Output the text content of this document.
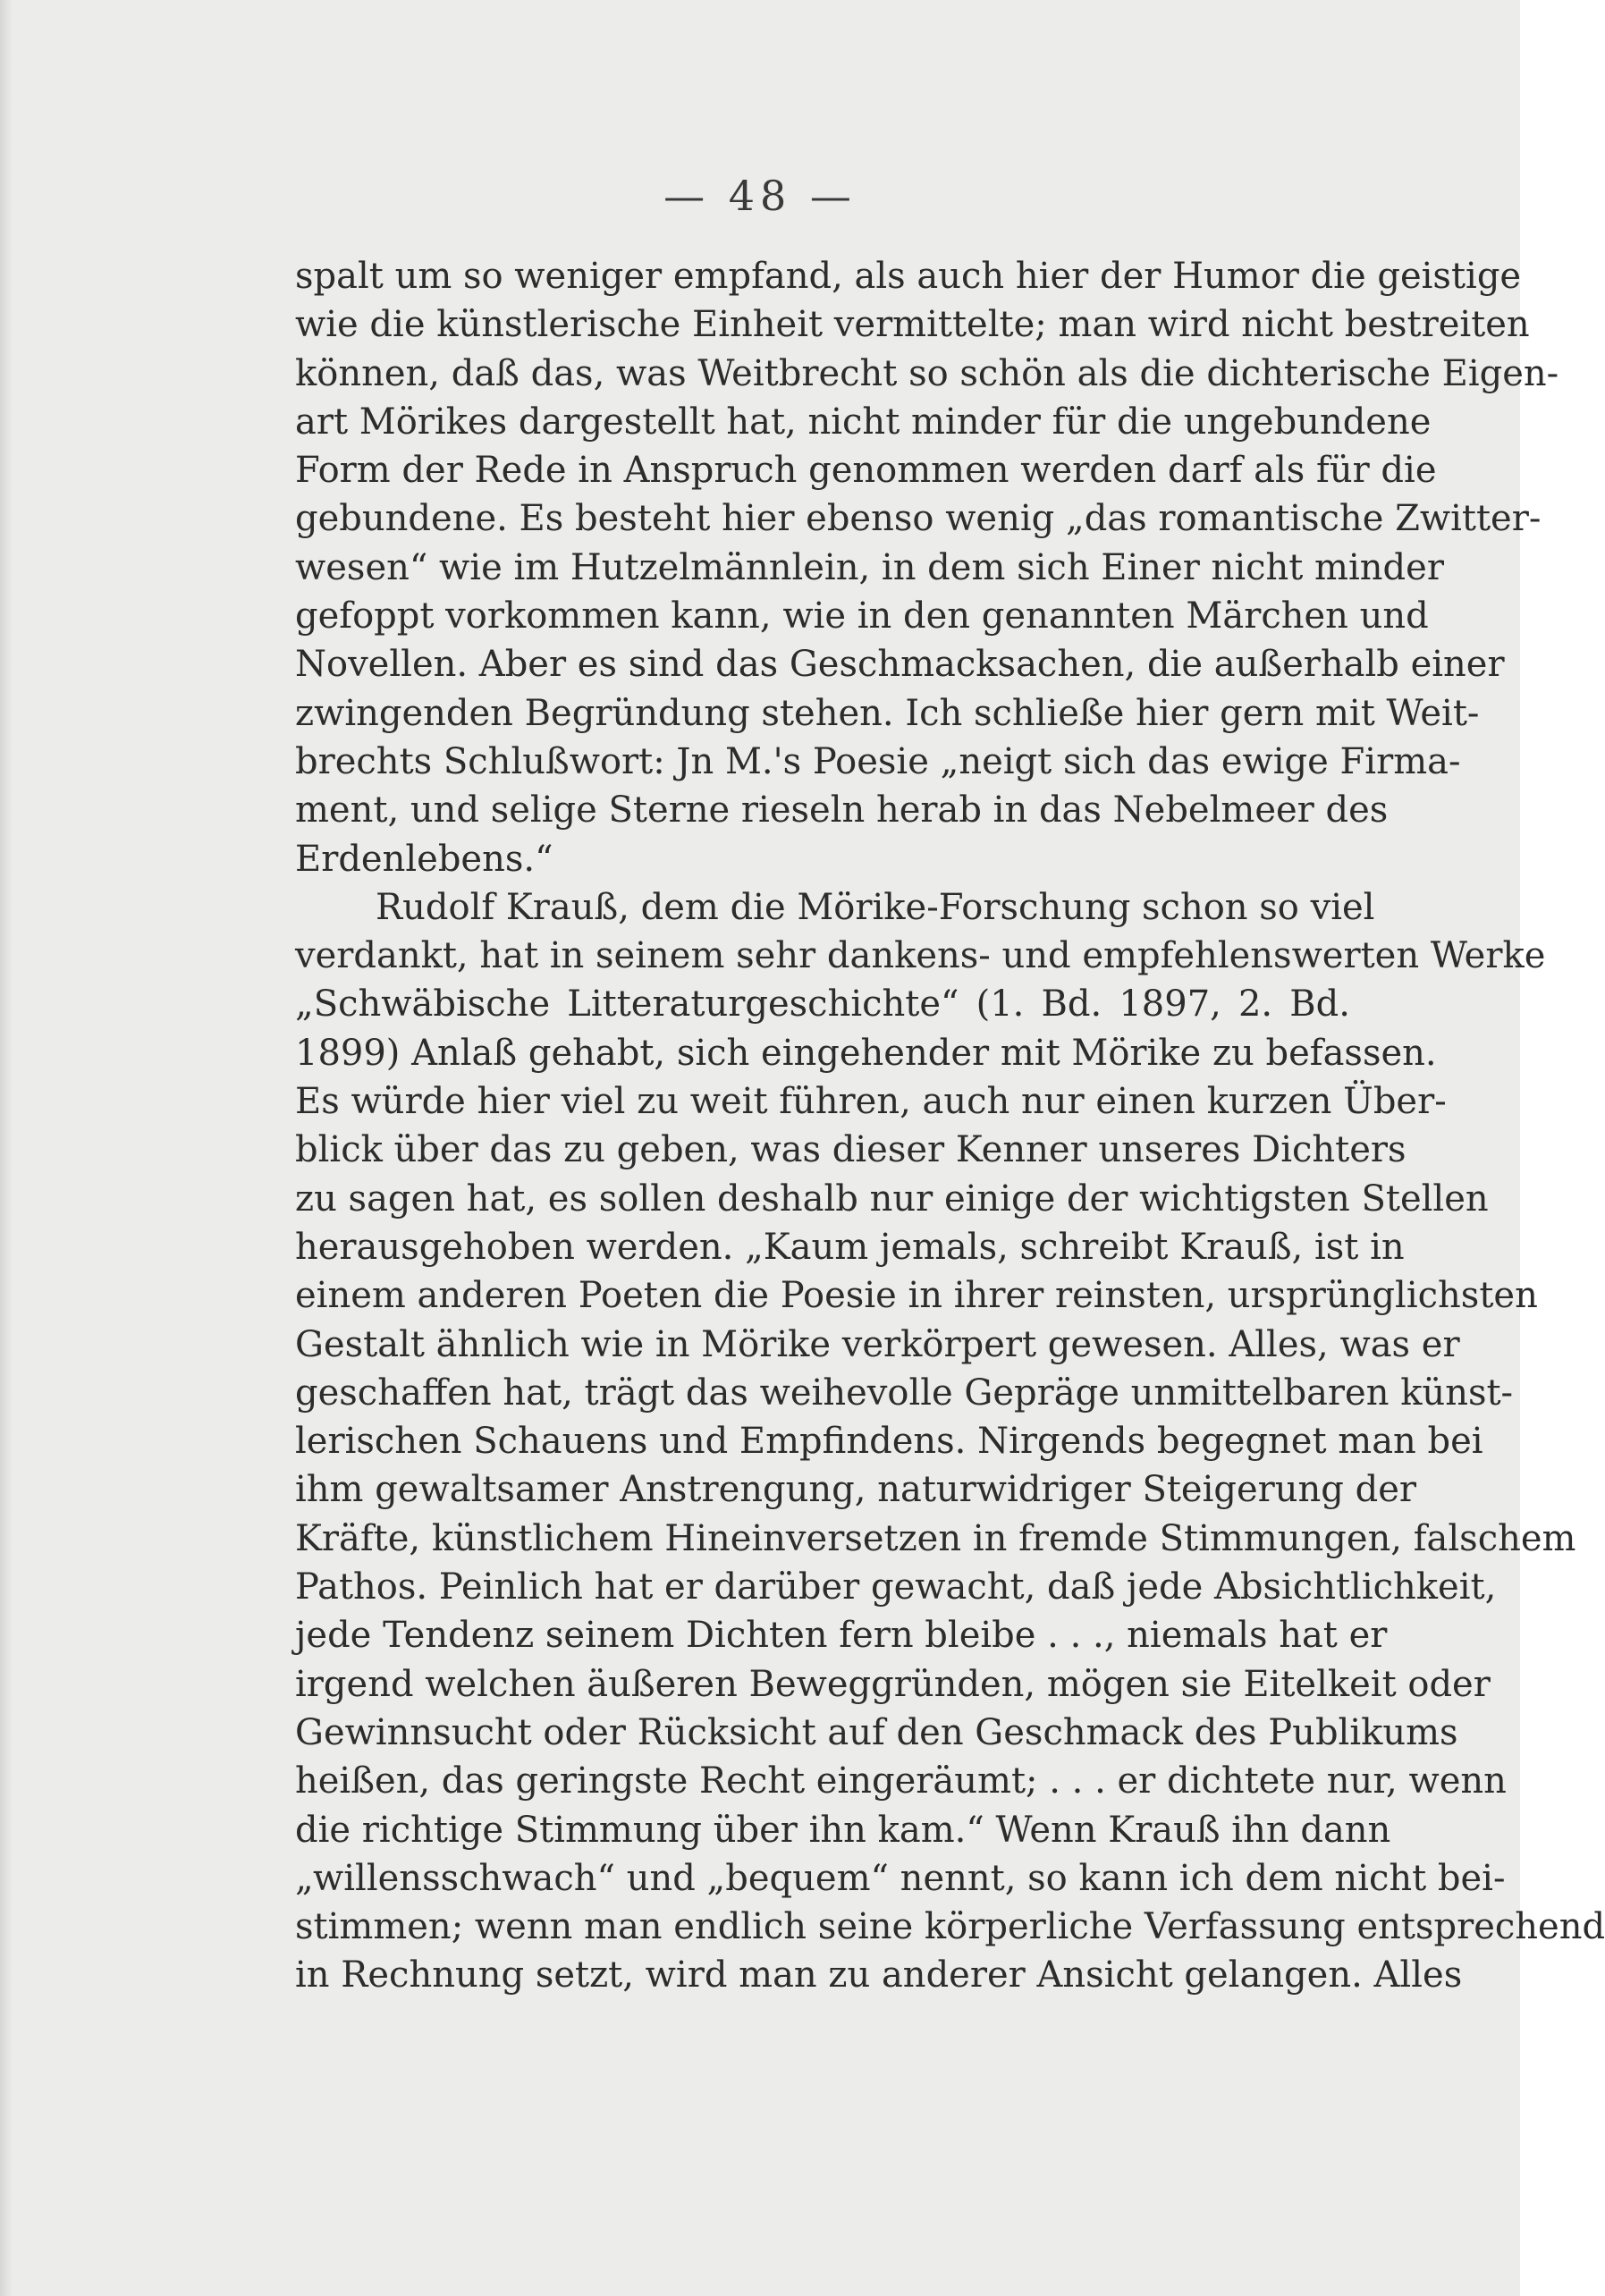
— 48 —
spalt um so weniger empfand, als auch hier der Humor die geistige
wie die künstlerische Einheit vermittelte; man wird nicht bestreiten
können, daß das, was Weitbrecht so schön als die dichterische Eigen-
art Mörikes dargestellt hat, nicht minder für die ungebundene
Form der Rede in Anspruch genommen werden darf als für die
gebundene. Es besteht hier ebenso wenig „das romantische Zwitter-
wesen“ wie im Hutzelmännlein, in dem sich Einer nicht minder
gefoppt vorkommen kann, wie in den genannten Märchen und
Novellen. Aber es sind das Geschmacksachen, die außerhalb einer
zwingenden Begründung stehen. Ich schließe hier gern mit Weit-
brechts Schlußwort: Jn M.'s Poesie „neigt sich das ewige Firma-
ment, und selige Sterne rieseln herab in das Nebelmeer des
Erdenlebens.“
Rudolf Krauß, dem die Mörike-Forschung schon so viel
verdankt, hat in seinem sehr dankens- und empfehlenswerten Werke
„Schwäbische Litteraturgeschichte“ (1. Bd. 1897, 2. Bd.
1899) Anlaß gehabt, sich eingehender mit Mörike zu befassen.
Es würde hier viel zu weit führen, auch nur einen kurzen Über-
blick über das zu geben, was dieser Kenner unseres Dichters
zu sagen hat, es sollen deshalb nur einige der wichtigsten Stellen
herausgehoben werden. „Kaum jemals, schreibt Krauß, ist in
einem anderen Poeten die Poesie in ihrer reinsten, ursprünglichsten
Gestalt ähnlich wie in Mörike verkörpert gewesen. Alles, was er
geschaffen hat, trägt das weihevolle Gepräge unmittelbaren künst-
lerischen Schauens und Empfindens. Nirgends begegnet man bei
ihm gewaltsamer Anstrengung, naturwidriger Steigerung der
Kräfte, künstlichem Hineinversetzen in fremde Stimmungen, falschem
Pathos. Peinlich hat er darüber gewacht, daß jede Absichtlichkeit,
jede Tendenz seinem Dichten fern bleibe . . ., niemals hat er
irgend welchen äußeren Beweggründen, mögen sie Eitelkeit oder
Gewinnsucht oder Rücksicht auf den Geschmack des Publikums
heißen, das geringste Recht eingeräumt; . . . er dichtete nur, wenn
die richtige Stimmung über ihn kam.“ Wenn Krauß ihn dann
„willensschwach“ und „bequem“ nennt, so kann ich dem nicht bei-
stimmen; wenn man endlich seine körperliche Verfassung entsprechend
in Rechnung setzt, wird man zu anderer Ansicht gelangen. Alles
